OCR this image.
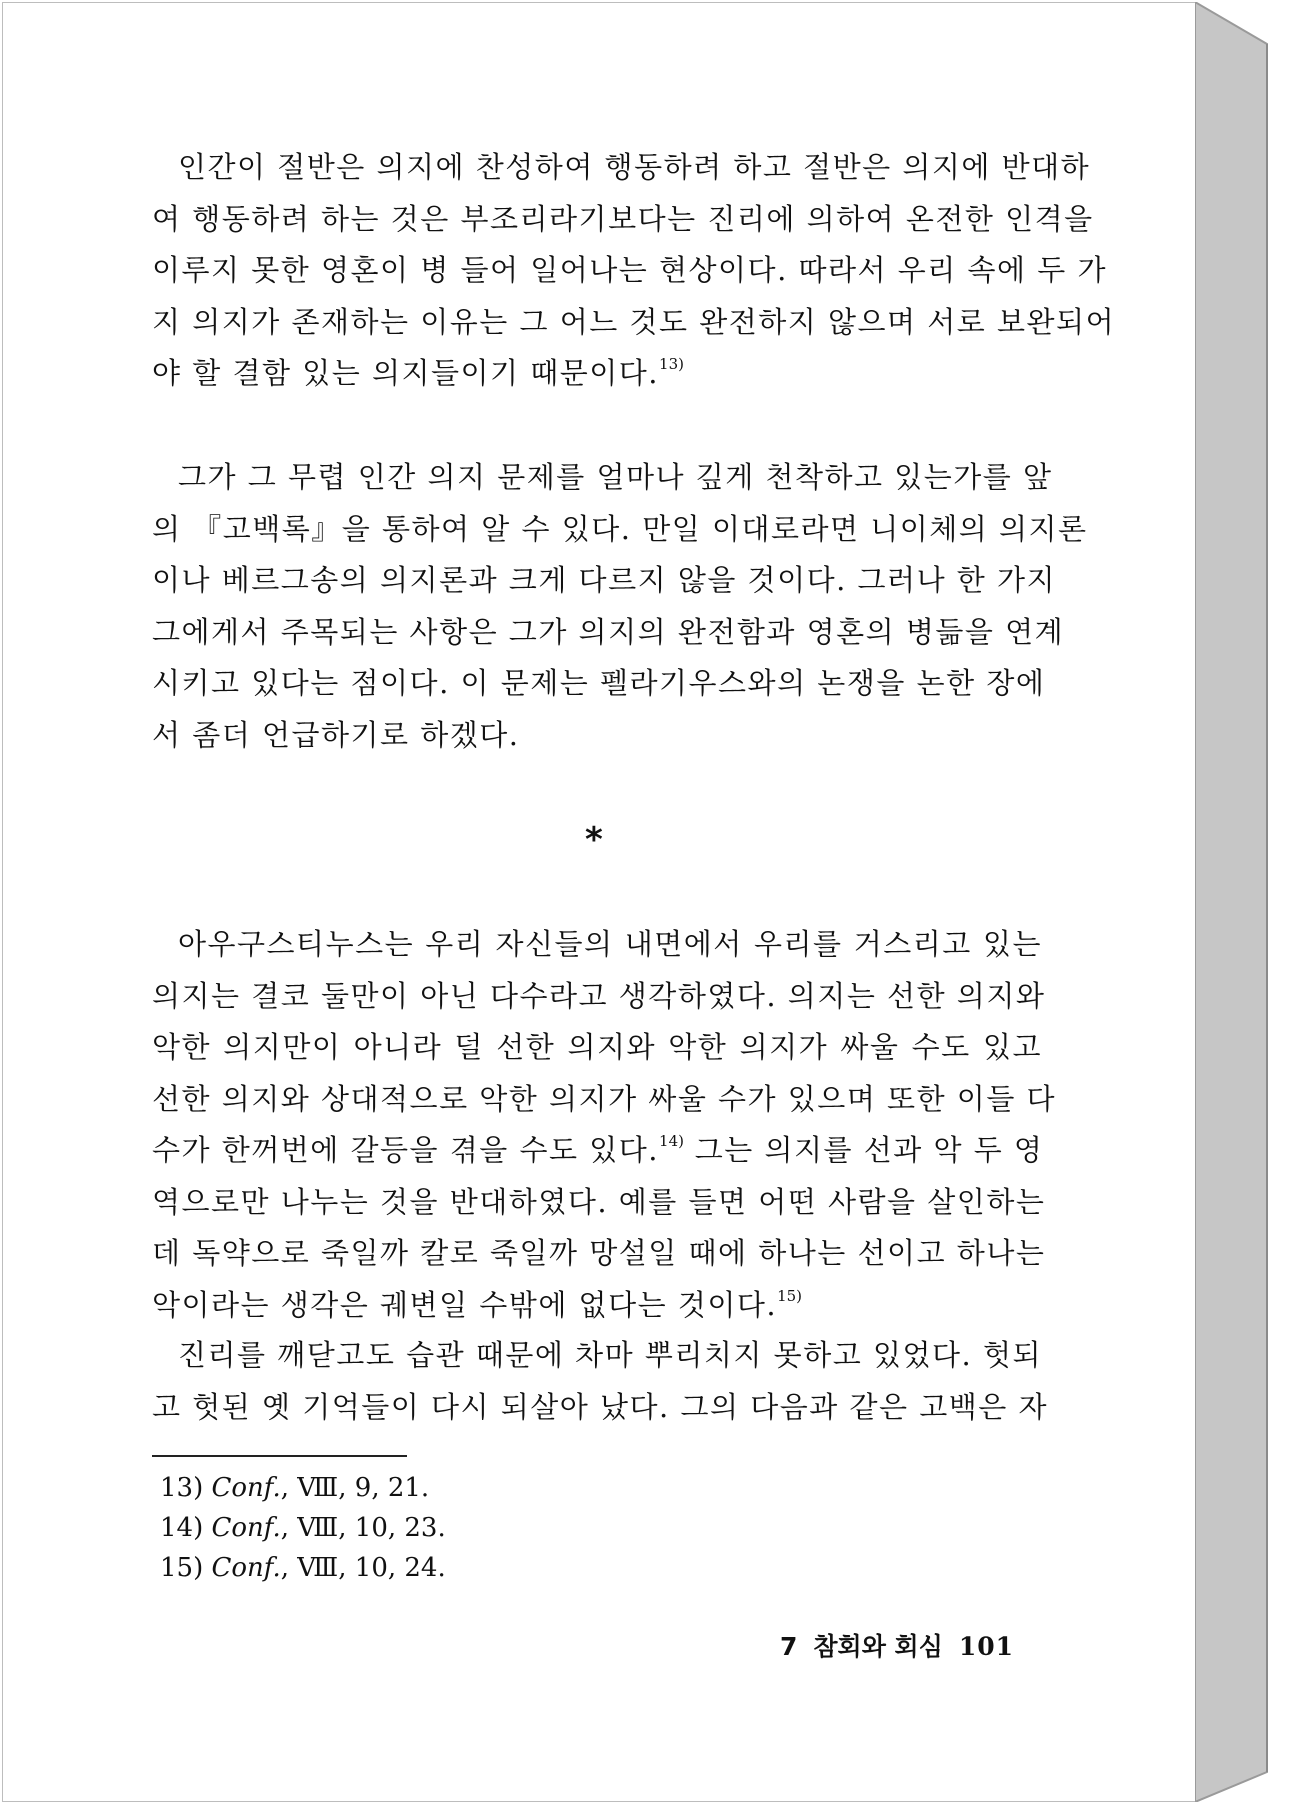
인간이 절반은 의지에 찬성하여 행동하려 하고 절반은 의지에 반대하
여 행동하려 하는 것은 부조리라기보다는 진리에 의하여 온전한 인격을
이루지 못한 영혼이 병 들어 일어나는 현상이다. 따라서 우리 속에 두 가
지 의지가 존재하는 이유는 그 어느 것도 완전하지 않으며 서로 보완되어
야 할 결함 있는 의지들이기 때문이다.$^{13)}$
그가 그 무렵 인간 의지 문제를 얼마나 깊게 천착하고 있는가를 앞
의 『고백록』을 통하여 알 수 있다. 만일 이대로라면 니이체의 의지론
이나 베르그송의 의지론과 크게 다르지 않을 것이다. 그러나 한 가지
그에게서 주목되는 사항은 그가 의지의 완전함과 영혼의 병듦을 연계
시키고 있다는 점이다. 이 문제는 펠라기우스와의 논쟁을 논한 장에
서 좀더 언급하기로 하겠다.
*
아우구스티누스는 우리 자신들의 내면에서 우리를 거스리고 있는
의지는 결코 둘만이 아닌 다수라고 생각하였다. 의지는 선한 의지와
악한 의지만이 아니라 덜 선한 의지와 악한 의지가 싸울 수도 있고
선한 의지와 상대적으로 악한 의지가 싸울 수가 있으며 또한 이들 다
수가 한꺼번에 갈등을 겪을 수도 있다.$^{14)}$ 그는 의지를 선과 악 두 영
역으로만 나누는 것을 반대하였다. 예를 들면 어떤 사람을 살인하는
데 독약으로 죽일까 칼로 죽일까 망설일 때에 하나는 선이고 하나는
악이라는 생각은 궤변일 수밖에 없다는 것이다.$^{15)}$
진리를 깨닫고도 습관 때문에 차마 뿌리치지 못하고 있었다. 헛되
고 헛된 옛 기억들이 다시 되살아 났다. 그의 다음과 같은 고백은 자
13) Conf., Ⅷ, 9, 21.
14) Conf., Ⅷ, 10, 23.
15) Conf., Ⅷ, 10, 24.
7 참회와 회심 101
